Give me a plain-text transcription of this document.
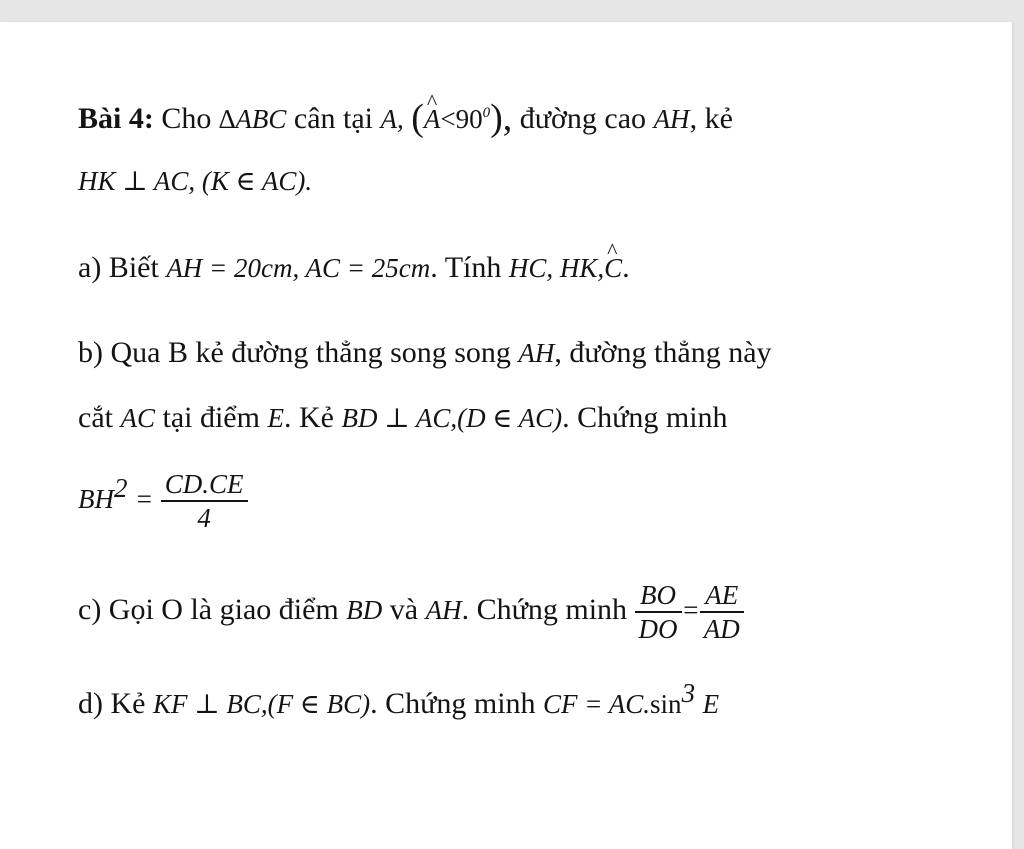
Bài 4: Cho ∆ABC cân tại A, (^ $A<90^0$), đường cao AH, kẻ
HK ⊥ AC, (K ∈ AC).
a) Biết AH = 20cm, AC = 25cm. Tính HC, HK,^ C.
b) Qua B kẻ đường thẳng song song AH, đường thẳng này
cắt AC tại điểm E. Kẻ BD ⊥ AC,(D ∈ AC). Chứng minh
$BH^2 = \frac{CD.CE}{4}$
c) Gọi O là giao điểm BD và AH. Chứng minh $\frac{BO}{DO} = \frac{AE}{AD}$
d) Kẻ KF ⊥ BC,(F ∈ BC). Chứng minh CF = $AC.\sin^3$ E
